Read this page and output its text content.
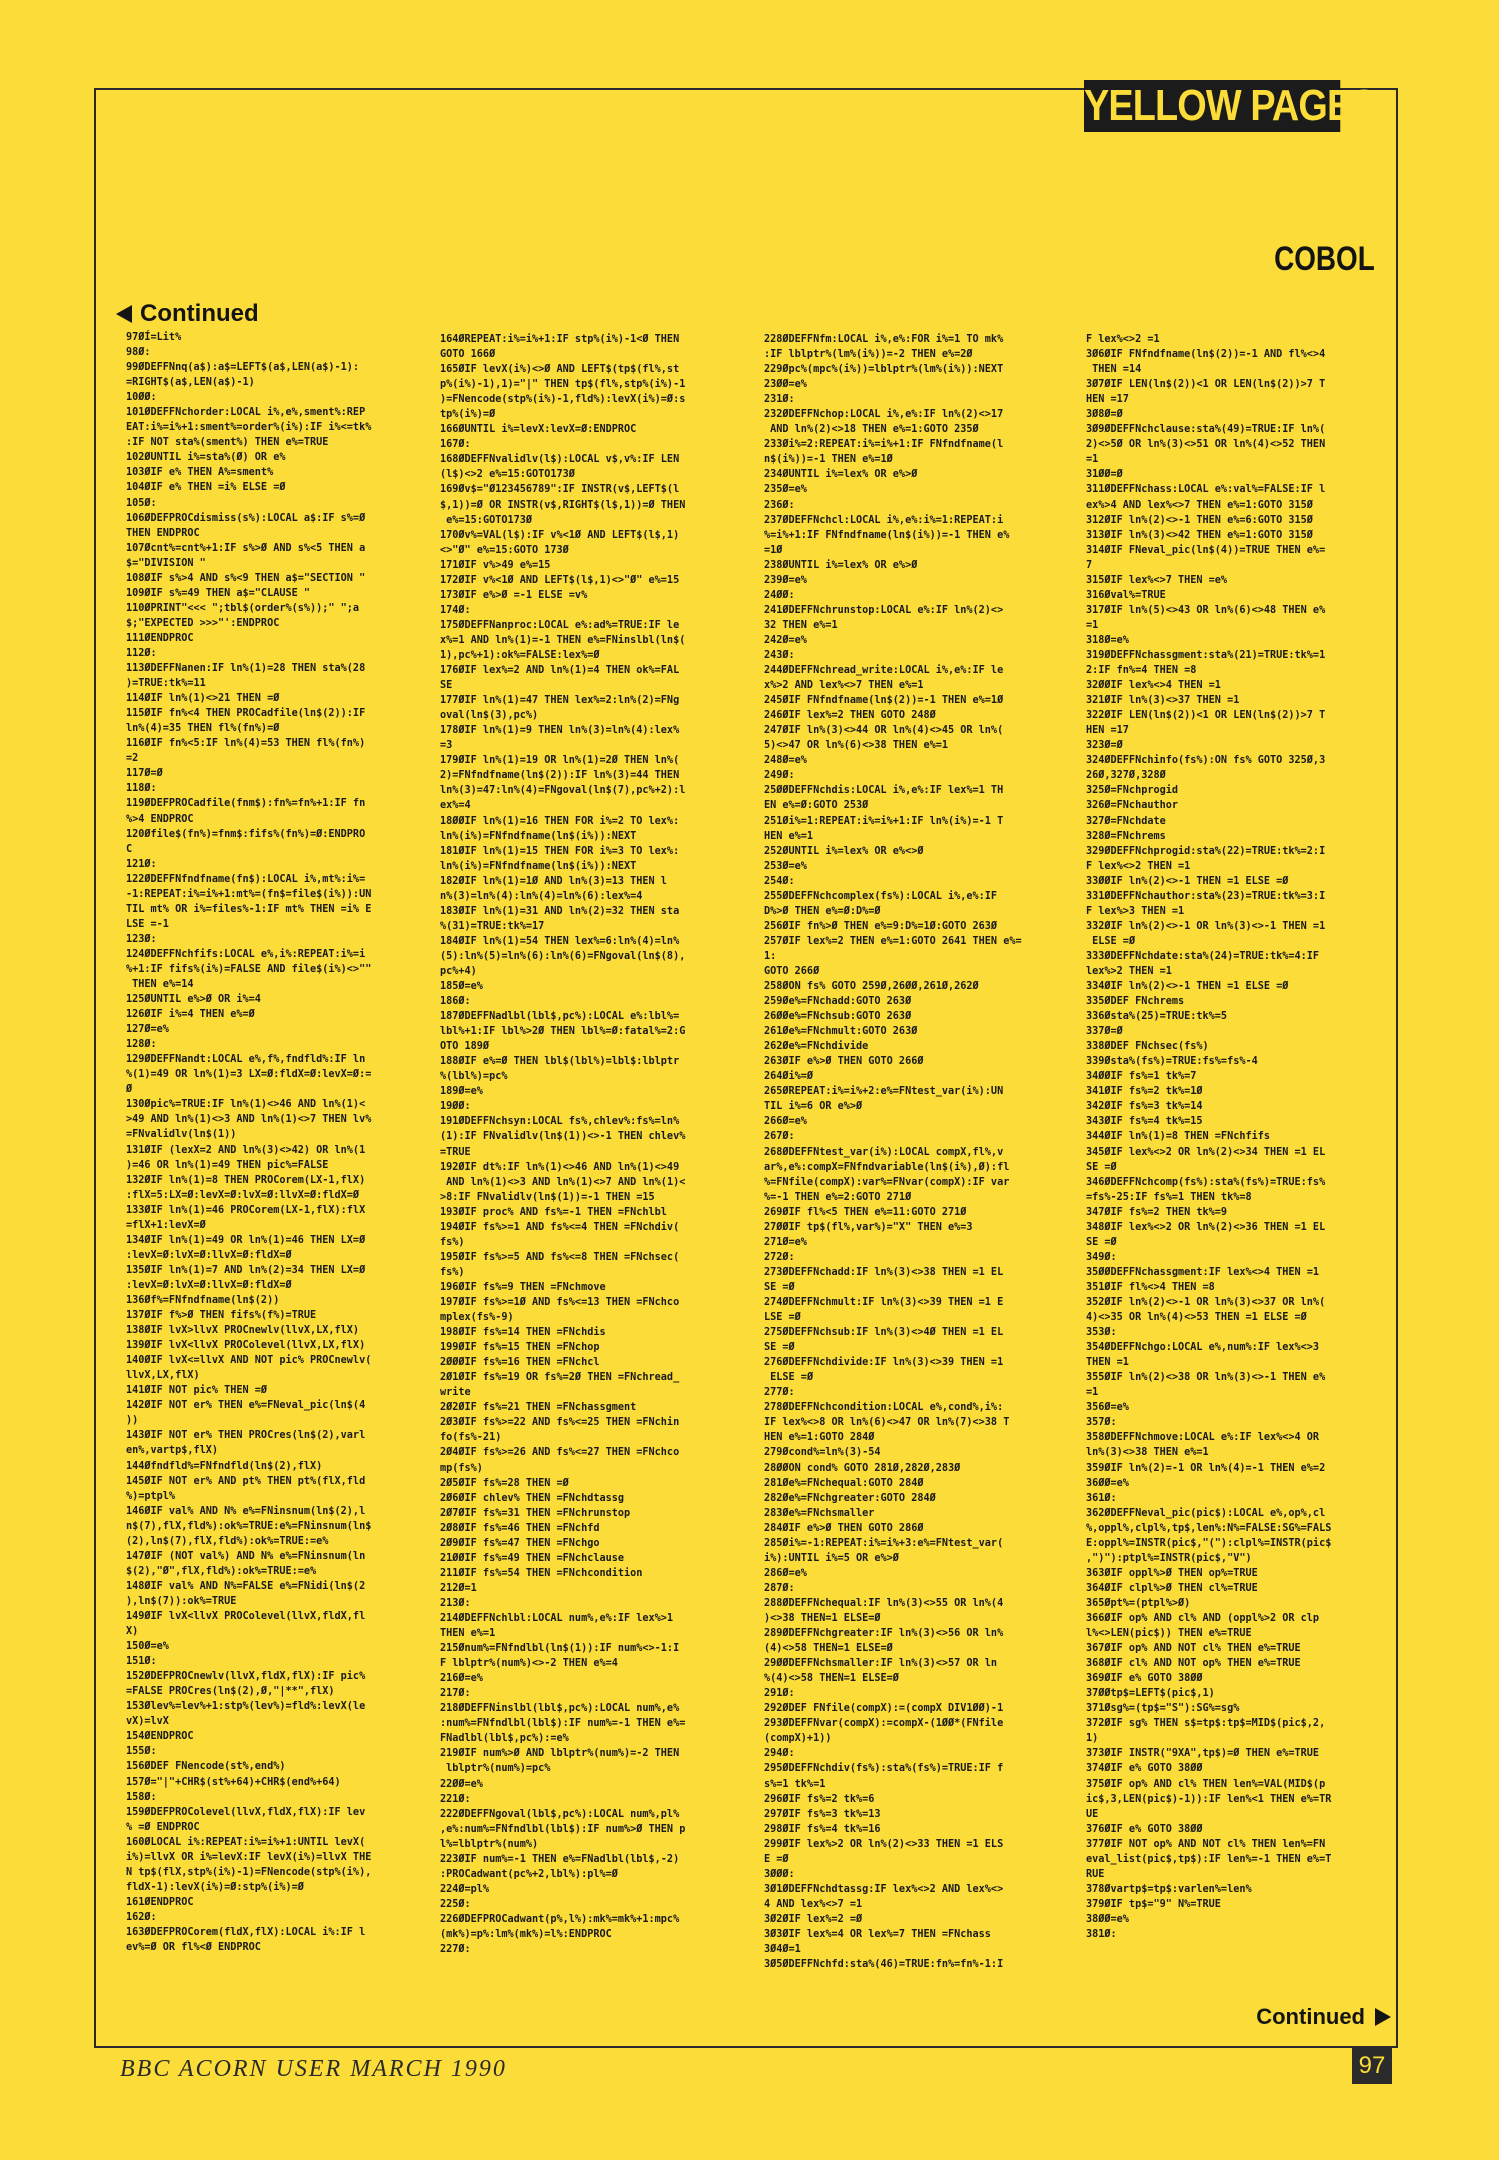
YELLOW PAGES
COBOL
Continued
97ØÍ=Lit%
98Ø:
99ØDEFFNnq(a$):a$=LEFT$(a$,LEN(a$)-1):
=RIGHT$(a$,LEN(a$)-1)
10ØØ:
101ØDEFFNchorder:LOCAL i%,e%,sment%:REP
EAT:i%=i%+1:sment%=order%(i%):IF i%<=tk%
:IF NOT sta%(sment%) THEN e%=TRUE
102ØUNTIL i%=sta%(Ø) OR e%
103ØIF e% THEN A%=sment%
104ØIF e% THEN =i% ELSE =Ø
105Ø:
106ØDEFPROCdismiss(s%):LOCAL a$:IF s%=Ø
THEN ENDPROC
107Øcnt%=cnt%+1:IF s%>Ø AND s%<5 THEN a
$="DIVISION "
108ØIF s%>4 AND s%<9 THEN a$="SECTION "
109ØIF s%=49 THEN a$="CLAUSE "
110ØPRINT"<<< ";tbl$(order%(s%));" ";a
$;"EXPECTED >>>"':ENDPROC
111ØENDPROC
112Ø:
113ØDEFFNanen:IF ln%(1)=28 THEN sta%(28
)=TRUE:tk%=11
114ØIF ln%(1)<>21 THEN =Ø
115ØIF fn%<4 THEN PROCadfile(ln$(2)):IF
ln%(4)=35 THEN fl%(fn%)=Ø
116ØIF fn%<5:IF ln%(4)=53 THEN fl%(fn%)
=2
117Ø=Ø
118Ø:
119ØDEFPROCadfile(fnm$):fn%=fn%+1:IF fn
%>4 ENDPROC
120Øfile$(fn%)=fnm$:fifs%(fn%)=Ø:ENDPRO
C
121Ø:
122ØDEFFNfndfname(fn$):LOCAL i%,mt%:i%=
-1:REPEAT:i%=i%+1:mt%=(fn$=file$(i%)):UN
TIL mt% OR i%=files%-1:IF mt% THEN =i% E
LSE =-1
123Ø:
124ØDEFFNchfifs:LOCAL e%,i%:REPEAT:i%=i
%+1:IF fifs%(i%)=FALSE AND file$(i%)<>""
THEN e%=14
125ØUNTIL e%>Ø OR i%=4
126ØIF i%=4 THEN e%=Ø
127Ø=e%
128Ø:
129ØDEFFNandt:LOCAL e%,f%,fndfld%:IF ln
%(1)=49 OR ln%(1)=3 LX=Ø:fldX=Ø:levX=Ø:=
Ø
130Øpic%=TRUE:IF ln%(1)<>46 AND ln%(1)<
>49 AND ln%(1)<>3 AND ln%(1)<>7 THEN lv%
=FNvalidlv(ln$(1))
131ØIF (lexX=2 AND ln%(3)<>42) OR ln%(1
)=46 OR ln%(1)=49 THEN pic%=FALSE
132ØIF ln%(1)=8 THEN PROCorem(LX-1,flX)
:flX=5:LX=Ø:levX=Ø:lvX=Ø:llvX=Ø:fldX=Ø
133ØIF ln%(1)=46 PROCorem(LX-1,flX):flX
=flX+1:levX=Ø
134ØIF ln%(1)=49 OR ln%(1)=46 THEN LX=Ø
:levX=Ø:lvX=Ø:llvX=Ø:fldX=Ø
135ØIF ln%(1)=7 AND ln%(2)=34 THEN LX=Ø
:levX=Ø:lvX=Ø:llvX=Ø:fldX=Ø
136Øf%=FNfndfname(ln$(2))
137ØIF f%>Ø THEN fifs%(f%)=TRUE
138ØIF lvX>llvX PROCnewlv(llvX,LX,flX)
139ØIF lvX<llvX PROColevel(llvX,LX,flX)
140ØIF lvX<=llvX AND NOT pic% PROCnewlv(
llvX,LX,flX)
141ØIF NOT pic% THEN =Ø
142ØIF NOT er% THEN e%=FNeval_pic(ln$(4
))
143ØIF NOT er% THEN PROCres(ln$(2),varl
en%,vartp$,flX)
144Øfndfld%=FNfndfld(ln$(2),flX)
145ØIF NOT er% AND pt% THEN pt%(flX,fld
%)=ptpl%
146ØIF val% AND N% e%=FNinsnum(ln$(2),l
n$(7),flX,fld%):ok%=TRUE:e%=FNinsnum(ln$
(2),ln$(7),flX,fld%):ok%=TRUE:=e%
147ØIF (NOT val%) AND N% e%=FNinsnum(ln
$(2),"Ø",flX,fld%):ok%=TRUE:=e%
148ØIF val% AND N%=FALSE e%=FNidi(ln$(2
),ln$(7)):ok%=TRUE
149ØIF lvX<llvX PROColevel(llvX,fldX,fl
X)
150Ø=e%
151Ø:
152ØDEFPROCnewlv(llvX,fldX,flX):IF pic%
=FALSE PROCres(ln$(2),Ø,"|**",flX)
153Ølev%=lev%+1:stp%(lev%)=fld%:levX(le
vX)=lvX
154ØENDPROC
155Ø:
156ØDEF FNencode(st%,end%)
157Ø="|"+CHR$(st%+64)+CHR$(end%+64)
158Ø:
159ØDEFPROColevel(llvX,fldX,flX):IF lev
% =Ø ENDPROC
160ØLOCAL i%:REPEAT:i%=i%+1:UNTIL levX(
i%)=llvX OR i%=levX:IF levX(i%)=llvX THE
N tp$(flX,stp%(i%)-1)=FNencode(stp%(i%),
fldX-1):levX(i%)=Ø:stp%(i%)=Ø
161ØENDPROC
162Ø:
163ØDEFPROCorem(fldX,flX):LOCAL i%:IF l
ev%=Ø OR fl%<Ø ENDPROC
164ØREPEAT:i%=i%+1:IF stp%(i%)-1<Ø THEN
GOTO 166Ø
165ØIF levX(i%)<>Ø AND LEFT$(tp$(fl%,st
p%(i%)-1),1)="|" THEN tp$(fl%,stp%(i%)-1
)=FNencode(stp%(i%)-1,fld%):levX(i%)=Ø:s
tp%(i%)=Ø
166ØUNTIL i%=levX:levX=Ø:ENDPROC
167Ø:
168ØDEFFNvalidlv(l$):LOCAL v$,v%:IF LEN
(l$)<>2 e%=15:GOTO173Ø
169Øv$="Ø123456789":IF INSTR(v$,LEFT$(l
$,1))=Ø OR INSTR(v$,RIGHT$(l$,1))=Ø THEN
e%=15:GOTO173Ø
170Øv%=VAL(l$):IF v%<1Ø AND LEFT$(l$,1)
<>"Ø" e%=15:GOTO 173Ø
171ØIF v%>49 e%=15
172ØIF v%<1Ø AND LEFT$(l$,1)<>"Ø" e%=15
173ØIF e%>Ø =-1 ELSE =v%
174Ø:
175ØDEFFNanproc:LOCAL e%:ad%=TRUE:IF le
x%=1 AND ln%(1)=-1 THEN e%=FNinslbl(ln$(
1),pc%+1):ok%=FALSE:lex%=Ø
176ØIF lex%=2 AND ln%(1)=4 THEN ok%=FAL
SE
177ØIF ln%(1)=47 THEN lex%=2:ln%(2)=FNg
oval(ln$(3),pc%)
178ØIF ln%(1)=9 THEN ln%(3)=ln%(4):lex%
=3
179ØIF ln%(1)=19 OR ln%(1)=2Ø THEN ln%(
2)=FNfndfname(ln$(2)):IF ln%(3)=44 THEN
ln%(3)=47:ln%(4)=FNgoval(ln$(7),pc%+2):l
ex%=4
18ØØIF ln%(1)=16 THEN FOR i%=2 TO lex%:
ln%(i%)=FNfndfname(ln$(i%)):NEXT
181ØIF ln%(1)=15 THEN FOR i%=3 TO lex%:
ln%(i%)=FNfndfname(ln$(i%)):NEXT
182ØIF ln%(1)=1Ø AND ln%(3)=13 THEN l
n%(3)=ln%(4):ln%(4)=ln%(6):lex%=4
183ØIF ln%(1)=31 AND ln%(2)=32 THEN sta
%(31)=TRUE:tk%=17
184ØIF ln%(1)=54 THEN lex%=6:ln%(4)=ln%
(5):ln%(5)=ln%(6):ln%(6)=FNgoval(ln$(8),
pc%+4)
185Ø=e%
186Ø:
187ØDEFFNadlbl(lbl$,pc%):LOCAL e%:lbl%=
lbl%+1:IF lbl%>2Ø THEN lbl%=Ø:fatal%=2:G
OTO 189Ø
188ØIF e%=Ø THEN lbl$(lbl%)=lbl$:lblptr
%(lbl%)=pc%
189Ø=e%
19ØØ:
191ØDEFFNchsyn:LOCAL fs%,chlev%:fs%=ln%
(1):IF FNvalidlv(ln$(1))<>-1 THEN chlev%
=TRUE
192ØIF dt%:IF ln%(1)<>46 AND ln%(1)<>49
AND ln%(1)<>3 AND ln%(1)<>7 AND ln%(1)<
>8:IF FNvalidlv(ln$(1))=-1 THEN =15
193ØIF proc% AND fs%=-1 THEN =FNchlbl
194ØIF fs%>=1 AND fs%<=4 THEN =FNchdiv(
fs%)
195ØIF fs%>=5 AND fs%<=8 THEN =FNchsec(
fs%)
196ØIF fs%=9 THEN =FNchmove
197ØIF fs%>=1Ø AND fs%<=13 THEN =FNchco
mplex(fs%-9)
198ØIF fs%=14 THEN =FNchdis
199ØIF fs%=15 THEN =FNchop
2ØØØIF fs%=16 THEN =FNchcl
2Ø1ØIF fs%=19 OR fs%=2Ø THEN =FNchread_
write
2Ø2ØIF fs%=21 THEN =FNchassgment
2Ø3ØIF fs%>=22 AND fs%<=25 THEN =FNchin
fo(fs%-21)
2Ø4ØIF fs%>=26 AND fs%<=27 THEN =FNchco
mp(fs%)
2Ø5ØIF fs%=28 THEN =Ø
2Ø6ØIF chlev% THEN =FNchdtassg
2Ø7ØIF fs%=31 THEN =FNchrunstop
2Ø8ØIF fs%=46 THEN =FNchfd
2Ø9ØIF fs%=47 THEN =FNchgo
21ØØIF fs%=49 THEN =FNchclause
211ØIF fs%=54 THEN =FNchcondition
212Ø=1
213Ø:
214ØDEFFNchlbl:LOCAL num%,e%:IF lex%>1
THEN e%=1
215Ønum%=FNfndlbl(ln$(1)):IF num%<>-1:I
F lblptr%(num%)<>-2 THEN e%=4
216Ø=e%
217Ø:
218ØDEFFNinslbl(lbl$,pc%):LOCAL num%,e%
:num%=FNfndlbl(lbl$):IF num%=-1 THEN e%=
FNadlbl(lbl$,pc%):=e%
219ØIF num%>Ø AND lblptr%(num%)=-2 THEN
lblptr%(num%)=pc%
22ØØ=e%
221Ø:
222ØDEFFNgoval(lbl$,pc%):LOCAL num%,pl%
,e%:num%=FNfndlbl(lbl$):IF num%>Ø THEN p
l%=lblptr%(num%)
223ØIF num%=-1 THEN e%=FNadlbl(lbl$,-2)
:PROCadwant(pc%+2,lbl%):pl%=Ø
224Ø=pl%
225Ø:
226ØDEFPROCadwant(p%,l%):mk%=mk%+1:mpc%
(mk%)=p%:lm%(mk%)=l%:ENDPROC
227Ø:
228ØDEFFNfm:LOCAL i%,e%:FOR i%=1 TO mk%
:IF lblptr%(lm%(i%))=-2 THEN e%=2Ø
229Øpc%(mpc%(i%))=lblptr%(lm%(i%)):NEXT
23ØØ=e%
231Ø:
232ØDEFFNchop:LOCAL i%,e%:IF ln%(2)<>17
AND ln%(2)<>18 THEN e%=1:GOTO 235Ø
233Øi%=2:REPEAT:i%=i%+1:IF FNfndfname(l
n$(i%))=-1 THEN e%=1Ø
234ØUNTIL i%=lex% OR e%>Ø
235Ø=e%
236Ø:
237ØDEFFNchcl:LOCAL i%,e%:i%=1:REPEAT:i
%=i%+1:IF FNfndfname(ln$(i%))=-1 THEN e%
=1Ø
238ØUNTIL i%=lex% OR e%>Ø
239Ø=e%
24ØØ:
241ØDEFFNchrunstop:LOCAL e%:IF ln%(2)<>
32 THEN e%=1
242Ø=e%
243Ø:
244ØDEFFNchread_write:LOCAL i%,e%:IF le
x%>2 AND lex%<>7 THEN e%=1
245ØIF FNfndfname(ln$(2))=-1 THEN e%=1Ø
246ØIF lex%=2 THEN GOTO 248Ø
247ØIF ln%(3)<>44 OR ln%(4)<>45 OR ln%(
5)<>47 OR ln%(6)<>38 THEN e%=1
248Ø=e%
249Ø:
25ØØDEFFNchdis:LOCAL i%,e%:IF lex%=1 TH
EN e%=Ø:GOTO 253Ø
251Øi%=1:REPEAT:i%=i%+1:IF ln%(i%)=-1 T
HEN e%=1
252ØUNTIL i%=lex% OR e%<>Ø
253Ø=e%
254Ø:
255ØDEFFNchcomplex(fs%):LOCAL i%,e%:IF
D%>Ø THEN e%=Ø:D%=Ø
256ØIF fn%>Ø THEN e%=9:D%=1Ø:GOTO 263Ø
257ØIF lex%=2 THEN e%=1:GOTO 2641 THEN e%=1:
GOTO 266Ø
258ØON fs% GOTO 259Ø,26ØØ,261Ø,262Ø
259Øe%=FNchadd:GOTO 263Ø
26ØØe%=FNchsub:GOTO 263Ø
261Øe%=FNchmult:GOTO 263Ø
262Øe%=FNchdivide
263ØIF e%>Ø THEN GOTO 266Ø
264Øi%=Ø
265ØREPEAT:i%=i%+2:e%=FNtest_var(i%):UN
TIL i%=6 OR e%>Ø
266Ø=e%
267Ø:
268ØDEFFNtest_var(i%):LOCAL compX,fl%,v
ar%,e%:compX=FNfndvariable(ln$(i%),Ø):fl
%=FNfile(compX):var%=FNvar(compX):IF var
%=-1 THEN e%=2:GOTO 271Ø
269ØIF fl%<5 THEN e%=11:GOTO 271Ø
27ØØIF tp$(fl%,var%)="X" THEN e%=3
271Ø=e%
272Ø:
273ØDEFFNchadd:IF ln%(3)<>38 THEN =1 EL
SE =Ø
274ØDEFFNchmult:IF ln%(3)<>39 THEN =1 E
LSE =Ø
275ØDEFFNchsub:IF ln%(3)<>4Ø THEN =1 EL
SE =Ø
276ØDEFFNchdivide:IF ln%(3)<>39 THEN =1
ELSE =Ø
277Ø:
278ØDEFFNchcondition:LOCAL e%,cond%,i%:
IF lex%<>8 OR ln%(6)<>47 OR ln%(7)<>38 T
HEN e%=1:GOTO 284Ø
279Øcond%=ln%(3)-54
28ØØON cond% GOTO 281Ø,282Ø,283Ø
281Øe%=FNchequal:GOTO 284Ø
282Øe%=FNchgreater:GOTO 284Ø
283Øe%=FNchsmaller
284ØIF e%>Ø THEN GOTO 286Ø
285Øi%=-1:REPEAT:i%=i%+3:e%=FNtest_var(
i%):UNTIL i%=5 OR e%>Ø
286Ø=e%
287Ø:
288ØDEFFNchequal:IF ln%(3)<>55 OR ln%(4
)<>38 THEN=1 ELSE=Ø
289ØDEFFNchgreater:IF ln%(3)<>56 OR ln%
(4)<>58 THEN=1 ELSE=Ø
29ØØDEFFNchsmaller:IF ln%(3)<>57 OR ln
%(4)<>58 THEN=1 ELSE=Ø
291Ø:
292ØDEF FNfile(compX):=(compX DIV1ØØ)-1
293ØDEFFNvar(compX):=compX-(1ØØ*(FNfile
(compX)+1))
294Ø:
295ØDEFFNchdiv(fs%):sta%(fs%)=TRUE:IF f
s%=1 tk%=1
296ØIF fs%=2 tk%=6
297ØIF fs%=3 tk%=13
298ØIF fs%=4 tk%=16
299ØIF lex%>2 OR ln%(2)<>33 THEN =1 ELS
E =Ø
3ØØØ:
3Ø1ØDEFFNchdtassg:IF lex%<>2 AND lex%<>
4 AND lex%<>7 =1
3Ø2ØIF lex%=2 =Ø
3Ø3ØIF lex%=4 OR lex%=7 THEN =FNchass
3Ø4Ø=1
3Ø5ØDEFFNchfd:sta%(46)=TRUE:fn%=fn%-1:I
F lex%<>2 =1
3Ø6ØIF FNfndfname(ln$(2))=-1 AND fl%<>4
THEN =14
3Ø7ØIF LEN(ln$(2))<1 OR LEN(ln$(2))>7 T
HEN =17
3Ø8Ø=Ø
3Ø9ØDEFFNchclause:sta%(49)=TRUE:IF ln%(
2)<>5Ø OR ln%(3)<>51 OR ln%(4)<>52 THEN
=1
31ØØ=Ø
311ØDEFFNchass:LOCAL e%:val%=FALSE:IF l
ex%>4 AND lex%<>7 THEN e%=1:GOTO 315Ø
312ØIF ln%(2)<>-1 THEN e%=6:GOTO 315Ø
313ØIF ln%(3)<>42 THEN e%=1:GOTO 315Ø
314ØIF FNeval_pic(ln$(4))=TRUE THEN e%=
7
315ØIF lex%<>7 THEN =e%
316Øval%=TRUE
317ØIF ln%(5)<>43 OR ln%(6)<>48 THEN e%
=1
318Ø=e%
319ØDEFFNchassgment:sta%(21)=TRUE:tk%=1
2:IF fn%=4 THEN =8
32ØØIF lex%<>4 THEN =1
321ØIF ln%(3)<>37 THEN =1
322ØIF LEN(ln$(2))<1 OR LEN(ln$(2))>7 T
HEN =17
323Ø=Ø
324ØDEFFNchinfo(fs%):ON fs% GOTO 325Ø,3
26Ø,327Ø,328Ø
325Ø=FNchprogid
326Ø=FNchauthor
327Ø=FNchdate
328Ø=FNchrems
329ØDEFFNchprogid:sta%(22)=TRUE:tk%=2:I
F lex%<>2 THEN =1
33ØØIF ln%(2)<>-1 THEN =1 ELSE =Ø
331ØDEFFNchauthor:sta%(23)=TRUE:tk%=3:I
F lex%>3 THEN =1
332ØIF ln%(2)<>-1 OR ln%(3)<>-1 THEN =1
ELSE =Ø
333ØDEFFNchdate:sta%(24)=TRUE:tk%=4:IF
lex%>2 THEN =1
334ØIF ln%(2)<>-1 THEN =1 ELSE =Ø
335ØDEF FNchrems
336Østa%(25)=TRUE:tk%=5
337Ø=Ø
338ØDEF FNchsec(fs%)
339Østa%(fs%)=TRUE:fs%=fs%-4
34ØØIF fs%=1 tk%=7
341ØIF fs%=2 tk%=1Ø
342ØIF fs%=3 tk%=14
343ØIF fs%=4 tk%=15
344ØIF ln%(1)=8 THEN =FNchfifs
345ØIF lex%<>2 OR ln%(2)<>34 THEN =1 EL
SE =Ø
346ØDEFFNchcomp(fs%):sta%(fs%)=TRUE:fs%
=fs%-25:IF fs%=1 THEN tk%=8
347ØIF fs%=2 THEN tk%=9
348ØIF lex%<>2 OR ln%(2)<>36 THEN =1 EL
SE =Ø
349Ø:
35ØØDEFFNchassgment:IF lex%<>4 THEN =1
351ØIF fl%<>4 THEN =8
352ØIF ln%(2)<>-1 OR ln%(3)<>37 OR ln%(
4)<>35 OR ln%(4)<>53 THEN =1 ELSE =Ø
353Ø:
354ØDEFFNchgo:LOCAL e%,num%:IF lex%<>3
THEN =1
355ØIF ln%(2)<>38 OR ln%(3)<>-1 THEN e%
=1
356Ø=e%
357Ø:
358ØDEFFNchmove:LOCAL e%:IF lex%<>4 OR
ln%(3)<>38 THEN e%=1
359ØIF ln%(2)=-1 OR ln%(4)=-1 THEN e%=2
36ØØ=e%
361Ø:
362ØDEFFNeval_pic(pic$):LOCAL e%,op%,cl
%,oppl%,clpl%,tp$,len%:N%=FALSE:SG%=FALS
E:oppl%=INSTR(pic$,"("):clpl%=INSTR(pic$
,")"):ptpl%=INSTR(pic$,"V")
363ØIF oppl%>Ø THEN op%=TRUE
364ØIF clpl%>Ø THEN cl%=TRUE
365Øpt%=(ptpl%>Ø)
366ØIF op% AND cl% AND (oppl%>2 OR clp
l%<>LEN(pic$)) THEN e%=TRUE
367ØIF op% AND NOT cl% THEN e%=TRUE
368ØIF cl% AND NOT op% THEN e%=TRUE
369ØIF e% GOTO 38ØØ
37ØØtp$=LEFT$(pic$,1)
371Øsg%=(tp$="S"):SG%=sg%
372ØIF sg% THEN s$=tp$:tp$=MID$(pic$,2,
1)
373ØIF INSTR("9XA",tp$)=Ø THEN e%=TRUE
374ØIF e% GOTO 38ØØ
375ØIF op% AND cl% THEN len%=VAL(MID$(p
ic$,3,LEN(pic$)-1)):IF len%<1 THEN e%=TR
UE
376ØIF e% GOTO 38ØØ
377ØIF NOT op% AND NOT cl% THEN len%=FN
eval_list(pic$,tp$):IF len%=-1 THEN e%=T
RUE
378Øvartp$=tp$:varlen%=len%
379ØIF tp$="9" N%=TRUE
38ØØ=e%
381Ø:
Continued
BBC ACORN USER MARCH 1990	97
